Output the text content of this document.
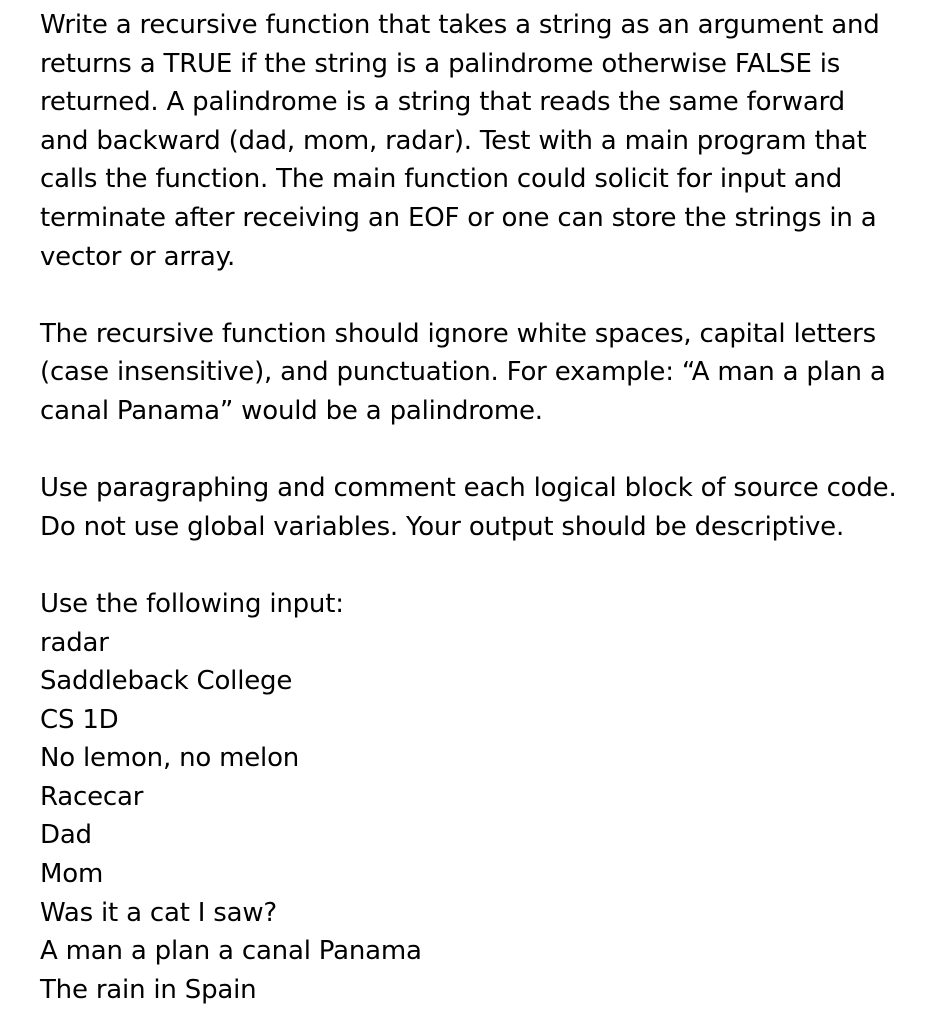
Write a recursive function that takes a string as an argument and
returns a TRUE if the string is a palindrome otherwise FALSE is
returned. A palindrome is a string that reads the same forward
and backward (dad, mom, radar). Test with a main program that
calls the function. The main function could solicit for input and
terminate after receiving an EOF or one can store the strings in a
vector or array.

The recursive function should ignore white spaces, capital letters
(case insensitive), and punctuation. For example: “A man a plan a
canal Panama” would be a palindrome.

Use paragraphing and comment each logical block of source code.
Do not use global variables. Your output should be descriptive.

Use the following input:
radar
Saddleback College
CS 1D
No lemon, no melon
Racecar
Dad
Mom
Was it a cat I saw?
A man a plan a canal Panama
The rain in Spain
